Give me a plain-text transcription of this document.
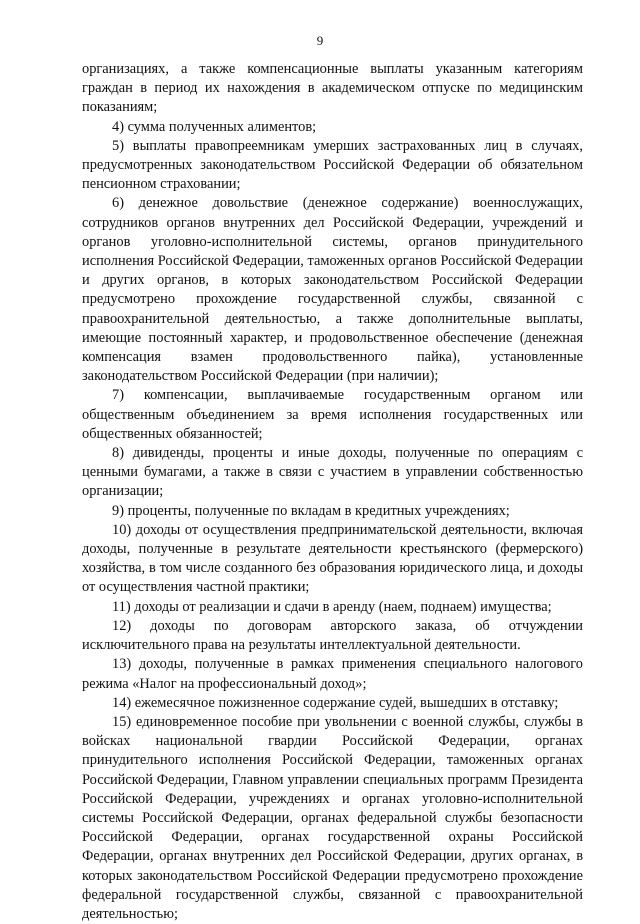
9

организациях, а также компенсационные выплаты указанным категориям граждан в период их нахождения в академическом отпуске по медицинским показаниям;

4) сумма полученных алиментов;

5) выплаты правопреемникам умерших застрахованных лиц в случаях, предусмотренных законодательством Российской Федерации об обязательном пенсионном страховании;

6) денежное довольствие (денежное содержание) военнослужащих, сотрудников органов внутренних дел Российской Федерации, учреждений и органов уголовно-исполнительной системы, органов принудительного исполнения Российской Федерации, таможенных органов Российской Федерации и других органов, в которых законодательством Российской Федерации предусмотрено прохождение государственной службы, связанной с правоохранительной деятельностью, а также дополнительные выплаты, имеющие постоянный характер, и продовольственное обеспечение (денежная компенсация взамен продовольственного пайка), установленные законодательством Российской Федерации (при наличии);

7) компенсации, выплачиваемые государственным органом или общественным объединением за время исполнения государственных или общественных обязанностей;

8) дивиденды, проценты и иные доходы, полученные по операциям с ценными бумагами, а также в связи с участием в управлении собственностью организации;

9) проценты, полученные по вкладам в кредитных учреждениях;

10) доходы от осуществления предпринимательской деятельности, включая доходы, полученные в результате деятельности крестьянского (фермерского) хозяйства, в том числе созданного без образования юридического лица, и доходы от осуществления частной практики;

11) доходы от реализации и сдачи в аренду (наем, поднаем) имущества;

12) доходы по договорам авторского заказа, об отчуждении исключительного права на результаты интеллектуальной деятельности.

13) доходы, полученные в рамках применения специального налогового режима «Налог на профессиональный доход»;

14) ежемесячное пожизненное содержание судей, вышедших в отставку;

15) единовременное пособие при увольнении с военной службы, службы в войсках национальной гвардии Российской Федерации, органах принудительного исполнения Российской Федерации, таможенных органах Российской Федерации, Главном управлении специальных программ Президента Российской Федерации, учреждениях и органах уголовно-исполнительной системы Российской Федерации, органах федеральной службы безопасности Российской Федерации, органах государственной охраны Российской Федерации, органах внутренних дел Российской Федерации, других органах, в которых законодательством Российской Федерации предусмотрено прохождение федеральной государственной службы, связанной с правоохранительной деятельностью;
